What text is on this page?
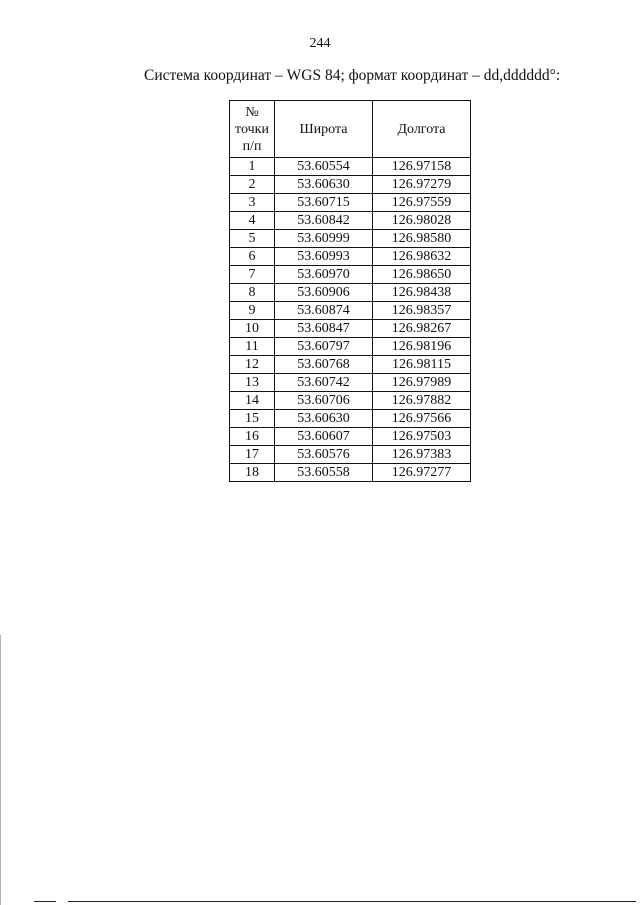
244
Система координат – WGS 84; формат координат – dd,dddddd°:
№
точки
п/п	Широта	Долгота
1	53.60554	126.97158
2	53.60630	126.97279
3	53.60715	126.97559
4	53.60842	126.98028
5	53.60999	126.98580
6	53.60993	126.98632
7	53.60970	126.98650
8	53.60906	126.98438
9	53.60874	126.98357
10	53.60847	126.98267
11	53.60797	126.98196
12	53.60768	126.98115
13	53.60742	126.97989
14	53.60706	126.97882
15	53.60630	126.97566
16	53.60607	126.97503
17	53.60576	126.97383
18	53.60558	126.97277
